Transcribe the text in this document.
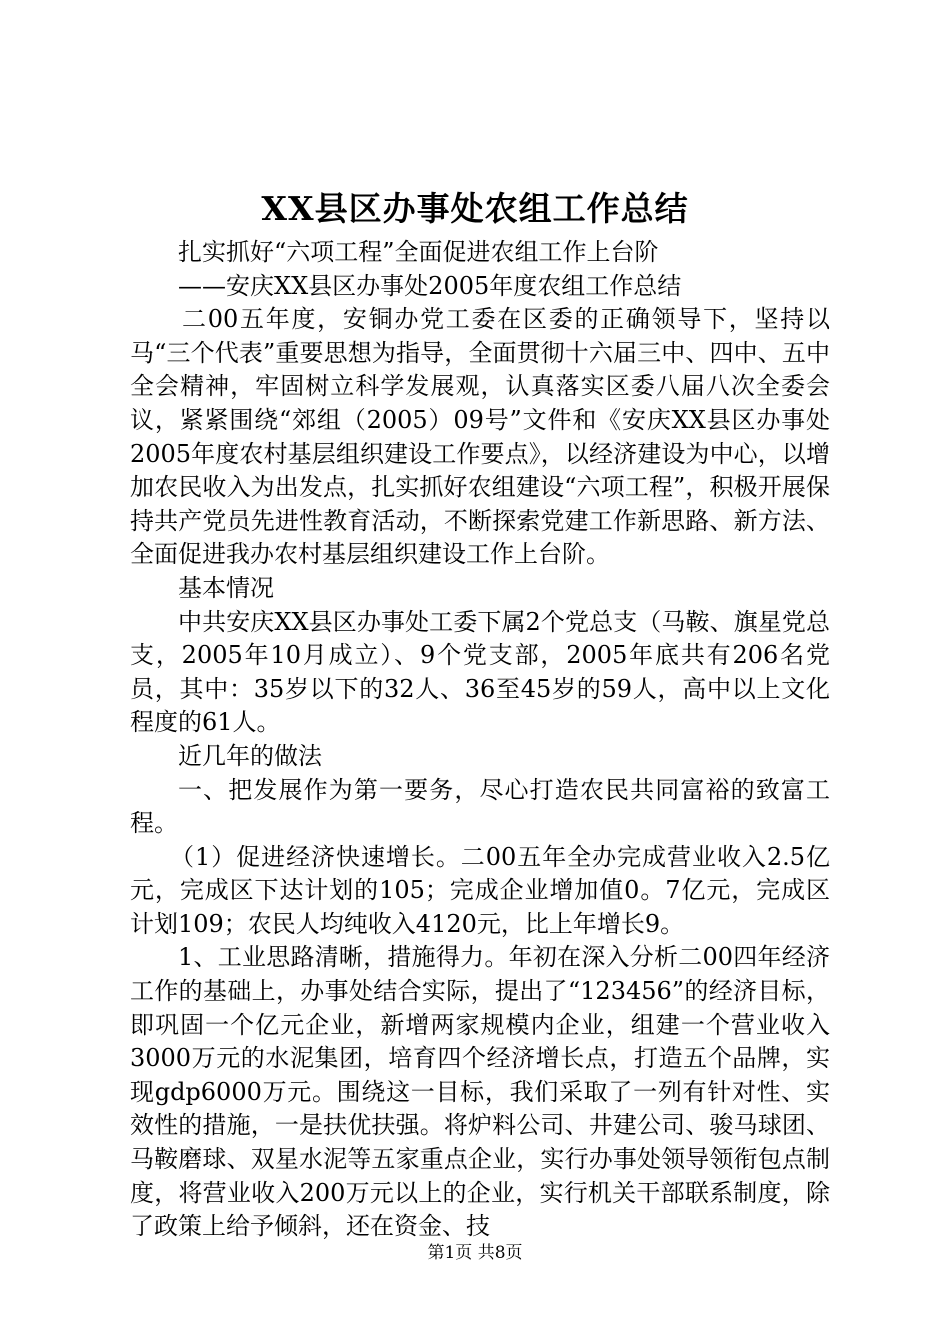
XX县区办事处农组工作总结

扎实抓好“六项工程”全面促进农组工作上台阶

——安庆XX县区办事处2005年度农组工作总结

二00五年度，安铜办党工委在区委的正确领导下，坚持以马“三个代表”重要思想为指导，全面贯彻十六届三中、四中、五中全会精神，牢固树立科学发展观，认真落实区委八届八次全委会议，紧紧围绕“郊组（2005）09号”文件和《安庆XX县区办事处2005年度农村基层组织建设工作要点》，以经济建设为中心，以增加农民收入为出发点，扎实抓好农组建设“六项工程”，积极开展保持共产党员先进性教育活动，不断探索党建工作新思路、新方法、全面促进我办农村基层组织建设工作上台阶。

基本情况

中共安庆XX县区办事处工委下属2个党总支（马鞍、旗星党总支，2005年10月成立）、9个党支部，2005年底共有206名党员，其中：35岁以下的32人、36至45岁的59人，高中以上文化程度的61人。

近几年的做法

一、把发展作为第一要务，尽心打造农民共同富裕的致富工程。

（1）促进经济快速增长。二00五年全办完成营业收入2.5亿元，完成区下达计划的105；完成企业增加值0。7亿元，完成区计划109；农民人均纯收入4120元，比上年增长9。

1、工业思路清晰，措施得力。年初在深入分析二00四年经济工作的基础上，办事处结合实际，提出了“123456”的经济目标，即巩固一个亿元企业，新增两家规模内企业，组建一个营业收入3000万元的水泥集团，培育四个经济增长点，打造五个品牌，实现gdp6000万元。围绕这一目标，我们采取了一列有针对性、实效性的措施，一是扶优扶强。将炉料公司、井建公司、骏马球团、马鞍磨球、双星水泥等五家重点企业，实行办事处领导领衔包点制度，将营业收入200万元以上的企业，实行机关干部联系制度，除了政策上给予倾斜，还在资金、技

第1页 共8页
